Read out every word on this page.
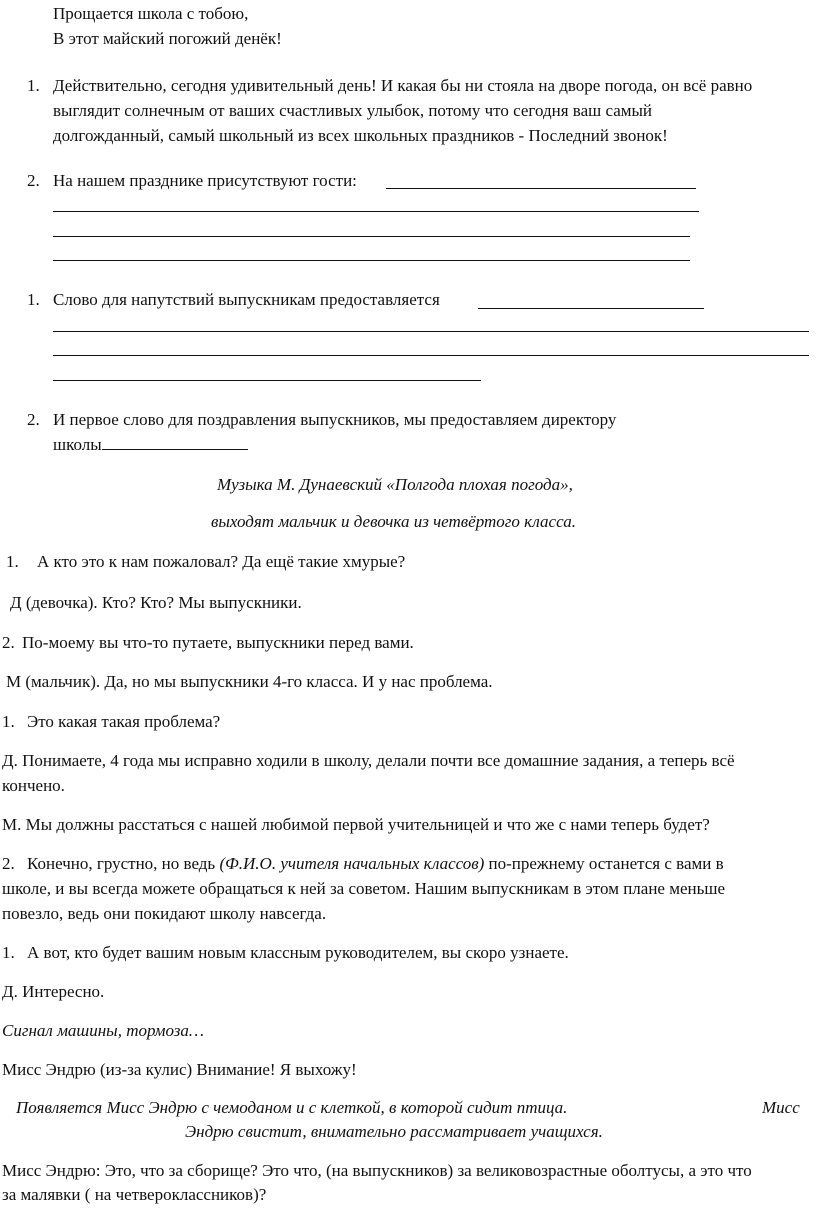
Прощается школа с тобою,
В этот майский погожий денёк!
1. Действительно, сегодня удивительный день! И какая бы ни стояла на дворе погода, он всё равно
выглядит солнечным от ваших счастливых улыбок, потому что сегодня ваш самый
долгожданный, самый школьный из всех школьных праздников - Последний звонок!
2. На нашем празднике присутствуют гости:
1. Слово для напутствий выпускникам предоставляется
2. И первое слово для поздравления выпускников, мы предоставляем директору
школы
Музыка М. Дунаевский «Полгода плохая погода»,
выходят мальчик и девочка из четвёртого класса.
1. А кто это к нам пожаловал? Да ещё такие хмурые?
Д (девочка). Кто? Кто? Мы выпускники.
2. По-моему вы что-то путаете, выпускники перед вами.
М (мальчик). Да, но мы выпускники 4-го класса. И у нас проблема.
1. Это какая такая проблема?
Д. Понимаете, 4 года мы исправно ходили в школу, делали почти все домашние задания, а теперь всё
кончено.
М. Мы должны расстаться с нашей любимой первой учительницей и что же с нами теперь будет?
2. Конечно, грустно, но ведь (Ф.И.О. учителя начальных классов) по-прежнему останется с вами в
школе, и вы всегда можете обращаться к ней за советом. Нашим выпускникам в этом плане меньше
повезло, ведь они покидают школу навсегда.
1. А вот, кто будет вашим новым классным руководителем, вы скоро узнаете.
Д. Интересно.
Сигнал машины, тормоза…
Мисс Эндрю (из-за кулис) Внимание! Я выхожу!
Появляется Мисс Эндрю с чемоданом и с клеткой, в которой сидит птица.	Мисс
Эндрю свистит, внимательно рассматривает учащихся.
Мисс Эндрю: Это, что за сборище? Это что, (на выпускников) за великовозрастные оболтусы, а это что
за малявки ( на четвероклассников)?
